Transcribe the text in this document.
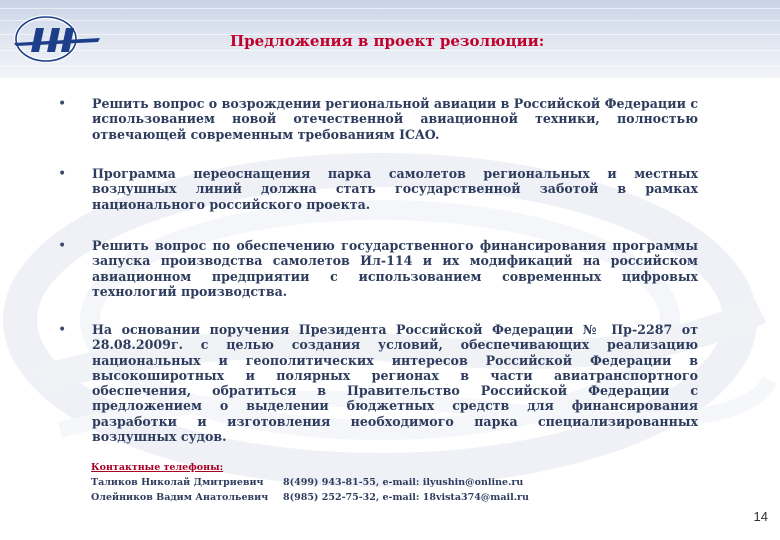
Предложения в проект резолюции:
•	Решить вопрос о возрождении региональной авиации в Российской Федерации с использованием новой отечественной авиационной техники, полностью отвечающей современным требованиям ICAO.
•	Программа переоснащения парка самолетов региональных и местных воздушных линий должна стать государственной заботой в рамках национального российского проекта.
•	Решить вопрос по обеспечению государственного финансирования программы запуска производства самолетов Ил-114 и их модификаций на российском авиационном предприятии с использованием современных цифровых технологий производства.
•	На основании поручения Президента Российской Федерации № Пр-2287 от 28.08.2009г. с целью создания условий, обеспечивающих реализацию национальных и геополитических интересов Российской Федерации в высокоширотных и полярных регионах в части авиатранспортного обеспечения, обратиться в Правительство Российской Федерации с предложением о выделении бюджетных средств для финансирования разработки и изготовления необходимого парка специализированных воздушных судов.
Контактные телефоны:
Таликов Николай Дмитриевич 8(499) 943-81-55, e-mail: ilyushin@online.ru
Олейников Вадим Анатольевич 8(985) 252-75-32, e-mail: 18vista374@mail.ru
14
